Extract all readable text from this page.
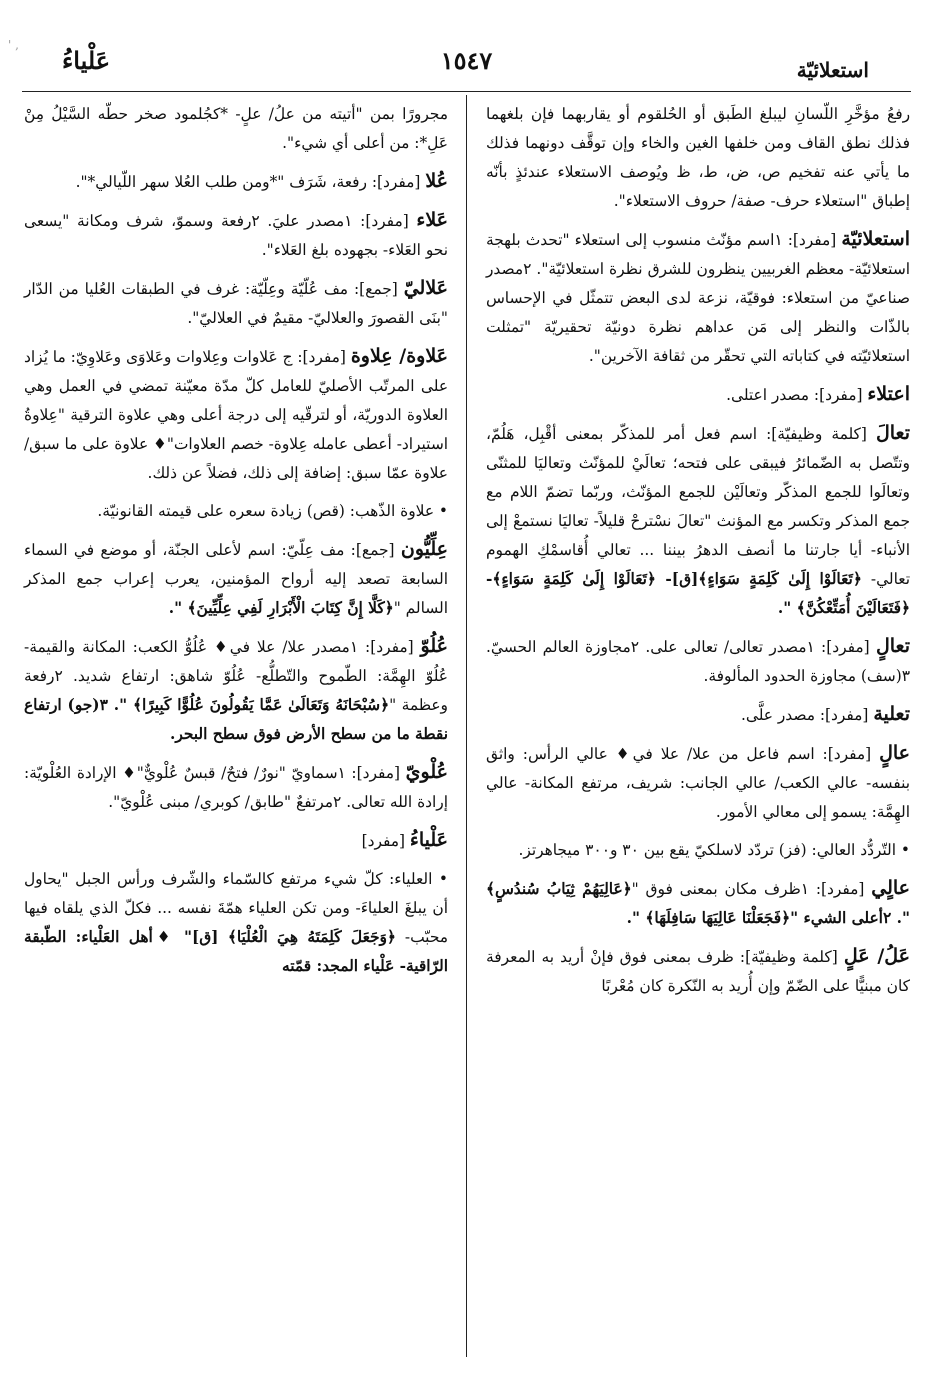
استعلائيّة
١٥٤٧
عَلْياءُ
' ,

رفعُ مؤخَّرِ اللّسانِ ليبلغ الطَبق أو الحُلقوم أو يقاربهما فإن بلغهما فذلك نطق القاف ومن خلفها الغين والخاء وإن توقَّف دونهما فذلك ما يأتي عنه تفخيم ص، ض، ط، ظ ويُوصف الاستعلاء عندئذٍ بأنّه إطباق "استعلاء حرف- صفة/ حروف الاستعلاء".

استعلائيّة [مفرد]: ١اسم مؤنّث منسوب إلى استعلاء "تحدث بلهجة استعلائيّة- معظم الغربيين ينظرون للشرق نظرة استعلائيّة". ٢مصدر صناعيّ من استعلاء: فوقيّة، نزعة لدى البعض تتمثّل في الإحساس بالذّات والنظر إلى مَن عداهم نظرة دونيّة تحقيريّة "تمثلت استعلائيّته في كتاباته التي تحقّر من ثقافة الآخرين".

اعتلاء [مفرد]: مصدر اعتلى.

تعالَ [كلمة وظيفيّة]: اسم فعل أمر للمذكّر بمعنى أقْبِل، هَلُمّ، وتتّصل به الضّمائرُ فيبقى على فتحه؛ تعالَيْ للمؤنّث وتعاليَا للمثنّى وتعالَوا للجمع المذكّر وتعالَيْن للجمع المؤنّث، وربّما تضمّ اللام مع جمع المذكر وتكسر مع المؤنث "تعالَ نسْترحْ قليلاً- تعاليَا نستمعْ إلى الأنباء- أيا جارتنا ما أنصف الدهرُ بيننا ... تعالي أُقاسمْكِ الهموم تعالي- ﴿تَعَالَوْا إِلَىٰ كَلِمَةٍ سَوَاءٍ﴾[ق]- ﴿تَعَالَوْا إِلَىٰ كَلِمَةٍ سَوَاءٍ﴾- ﴿فَتَعَالَيْنَ أُمَتِّعْكُنَّ﴾ ".

تعالٍ [مفرد]: ١مصدر تعالى/ تعالى على. ٢مجاوزة العالم الحسيّ. ٣(سف) مجاوزة الحدود المألوفة.

تعلية [مفرد]: مصدر علَّى.

عالٍ [مفرد]: اسم فاعل من علا/ علا في♦ عالي الرأس: واثق بنفسه- عالي الكعب/ عالي الجانب: شريف، مرتفع المكانة- عالي الهِمَّة: يسمو إلى معالي الأمور.

• التّردُّد العالي: (فز) تردّد لاسلكيّ يقع بين ٣٠ و٣٠٠ ميجاهرتز.

عالٍي [مفرد]: ١ظرف مكان بمعنى فوق "﴿عَالِيَهُمْ ثِيَابُ سُندُسٍ﴾ ". ٢أعلى الشيء "﴿فَجَعَلْنَا عَالِيَهَا سَافِلَهَا﴾ ".

عَلُ/ عَلٍ [كلمة وظيفيّة]: ظرف بمعنى فوق فإنْ أريد به المعرفة كان مبنيًّا على الضّمّ وإن أُريد به النّكرة كان مُعْربًا

مجرورًا بمن "أتيته من علُ/ علٍ- *كجُلمود صخر حطّه السَّيْلُ مِنْ عَلِ*: من أعلى أي شيء".

عُلا [مفرد]: رفعة، شَرَف "*ومن طلب العُلا سهر اللّيالي*".

عَلاء [مفرد]: ١مصدر عليَ. ٢رفعة وسموّ، شرف ومكانة "يسعى نحو العَلاء- بجهوده بلغ العَلاء".

عَلاليّ [جمع]: مف عُلّيّة وعِلّيّة: غرف في الطبقات العُليا من الدّار "بنَى القصورَ والعلاليّ- مقيمٌ في العلاليّ".

عَلاوة/ عِلاوة [مفرد]: ج عَلاوات وعِلاوات وعَلاوَى وعَلاوِيّ: ما يُزاد على المرتّب الأصليّ للعامل كلّ مدّة معيّنة تمضي في العمل وهي العلاوة الدوريّة، أو لترقّيه إلى درجة أعلى وهي علاوة الترقية "عِلاوةُ استيراد- أعطى عامله عِلاوة- خصم العلاوات"♦ علاوة على ما سبق/ علاوة عمّا سبق: إضافة إلى ذلك، فضلاً عن ذلك.

• علاوة الذّهب: (قص) زيادة سعره على قيمته القانونيّة.

عِلِّيُّون [جمع]: مف عِلّيّ: اسم لأعلى الجنّة، أو موضع في السماء السابعة تصعد إليه أرواح المؤمنين، يعرب إعراب جمع المذكر السالم "﴿كَلَّا إِنَّ كِتَابَ الْأَبْرَارِ لَفِي عِلِّيِّينَ﴾ ".

عُلُوّ [مفرد]: ١مصدر علا/ علا في♦ عُلُوُّ الكعب: المكانة والقيمة- عُلُوّ الهِمَّة: الطّموح والتّطلُّع- عُلُوّ شاهق: ارتفاع شديد. ٢رفعة وعظمة "﴿سُبْحَانَهُ وَتَعَالَىٰ عَمَّا يَقُولُونَ عُلُوًّا كَبِيرًا﴾ ". ٣(جو) ارتفاع نقطة ما من سطح الأرض فوق سطح البحر.

عُلْويّ [مفرد]: ١سماويّ "نورٌ/ فتحٌ/ قبسٌ عُلْويٌّ"♦ الإرادة العُلْويّة: إرادة الله تعالى. ٢مرتفعٌ "طابق/ كوبري/ مبنى عُلْويّ".

عَلْياءُ [مفرد]

• العلياء: كلّ شيء مرتفع كالسّماء والشّرف ورأس الجبل "يحاول أن يبلغَ العلياءَ- ومن تكن العلياء همّةَ نفسه ... فكلّ الذي يلقاه فيها محبّب- ﴿وَجَعَلَ كَلِمَتَهُ هِيَ الْعُلْيَا﴾ [ق]" ♦أهل العَلْياء: الطّبقة الرّاقية- عَلْياء المجد: قمّته
